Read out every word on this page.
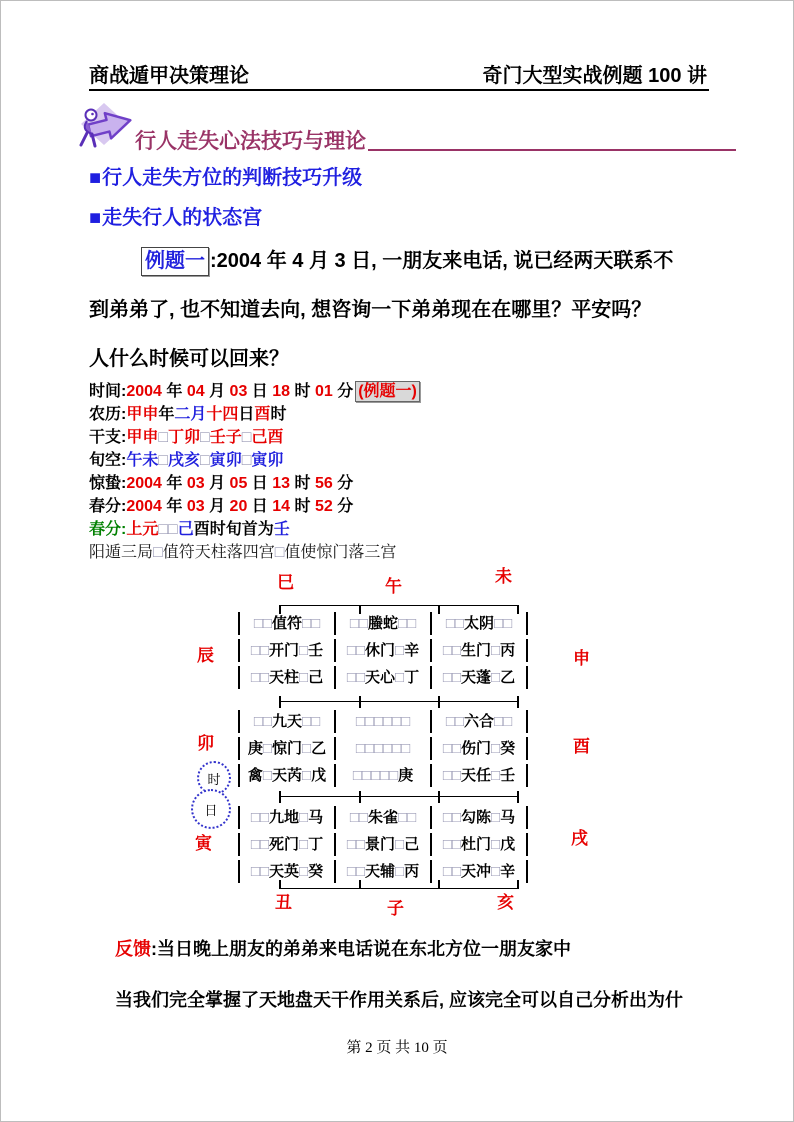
商战遁甲决策理论	奇门大型实战例题 100 讲
行人走失心法技巧与理论
■行人走失方位的判断技巧升级
■走失行人的状态宫
例题一 :2004 年 4 月 3 日, 一朋友来电话, 说已经两天联系不
到弟弟了, 也不知道去向, 想咨询一下弟弟现在在哪里？平安吗？
人什么时候可以回来？
时间:2004 年 04 月 03 日 18 时 01 分 (例题一)
农历:甲申年二月十四日酉时
干支:甲申□丁卯□壬子□己酉
旬空:午未□戌亥□寅卯□寅卯
惊蛰:2004 年 03 月 05 日 13 时 56 分
春分:2004 年 03 月 20 日 14 时 52 分
春分:上元□□己酉时旬首为壬
阳遁三局□值符天柱落四宫□值使惊门落三宫
巳	午
未
辰
卯
寅
申
酉
戌
丑	子	亥
□□值符□□	□□螣蛇□□	□□太阴□□
□□开门□壬	□□休门□辛	□□生门□丙
□□天柱□己	□□天心□丁	□□天蓬□乙
□□九天□□	□□□□□□	□□六合□□
庚□惊门□乙	□□□□□□	□□伤门□癸
禽□天芮□戊	□□□□□庚	□□天任□壬
□□九地□马	□□朱雀□□	□□勾陈□马
□□死门□丁	□□景门□己	□□杜门□戊
□□天英□癸	□□天辅□丙	□□天冲□辛
时
日
反馈:当日晚上朋友的弟弟来电话说在东北方位一朋友家中
当我们完全掌握了天地盘天干作用关系后, 应该完全可以自己分析出为什
第 2 页 共 10 页
